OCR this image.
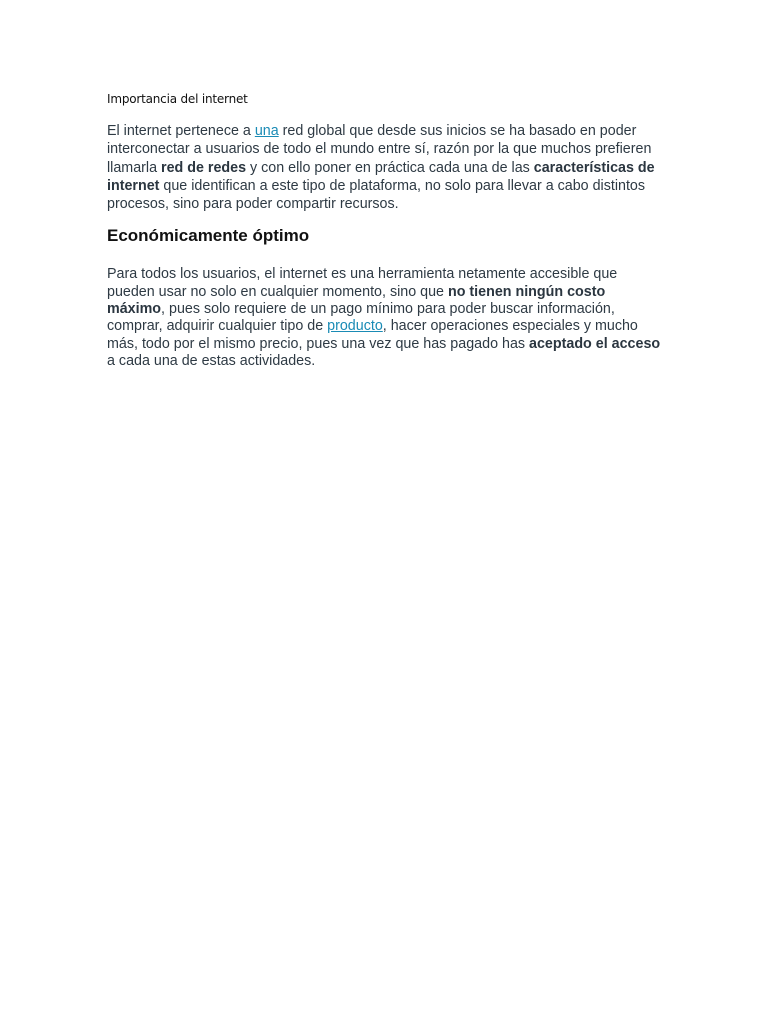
Importancia del internet

El internet pertenece a una red global que desde sus inicios se ha basado en poder interconectar a usuarios de todo el mundo entre sí, razón por la que muchos prefieren llamarla red de redes y con ello poner en práctica cada una de las características de internet que identifican a este tipo de plataforma, no solo para llevar a cabo distintos procesos, sino para poder compartir recursos.

Económicamente óptimo

Para todos los usuarios, el internet es una herramienta netamente accesible que pueden usar no solo en cualquier momento, sino que no tienen ningún costo máximo, pues solo requiere de un pago mínimo para poder buscar información, comprar, adquirir cualquier tipo de producto, hacer operaciones especiales y mucho más, todo por el mismo precio, pues una vez que has pagado has aceptado el acceso a cada una de estas actividades.
